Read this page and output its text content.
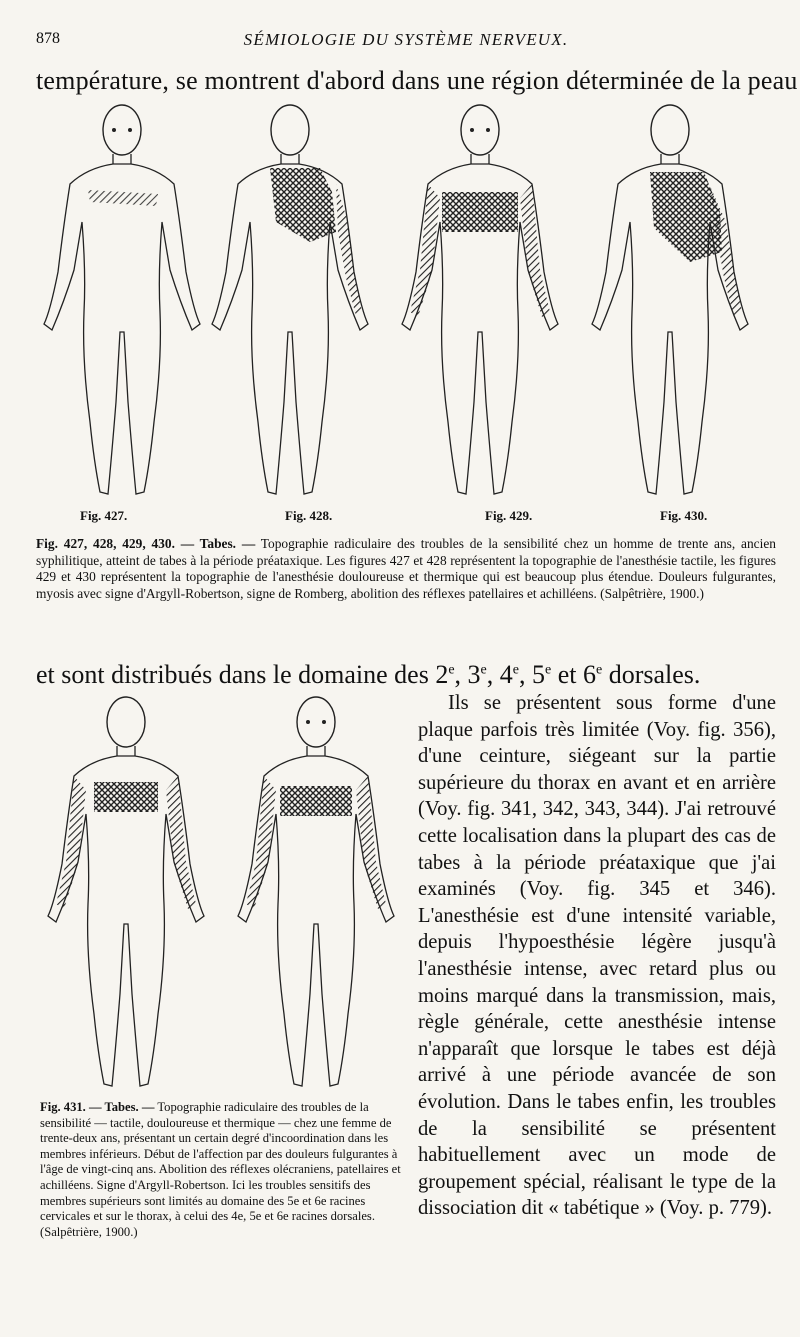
878	SÉMIOLOGIE DU SYSTÈME NERVEUX.
température, se montrent d'abord dans une région déterminée de la peau
Fig. 427.	Fig. 428.	Fig. 429.	Fig. 430.
Fig. 427, 428, 429, 430. — Tabes. — Topographie radiculaire des troubles de la sensibilité chez un homme de trente ans, ancien syphilitique, atteint de tabes à la période préataxique. Les figures 427 et 428 représentent la topographie de l'anesthésie tactile, les figures 429 et 430 représentent la topographie de l'anesthésie douloureuse et thermique qui est beaucoup plus étendue. Douleurs fulgurantes, myosis avec signe d'Argyll-Robertson, signe de Romberg, abolition des réflexes patellaires et achilléens. (Salpêtrière, 1900.)
et sont distribués dans le domaine des 2e, 3e, 4e, 5e et 6e dorsales.
Fig. 431. — Tabes. — Topographie radiculaire des troubles de la sensibilité — tactile, douloureuse et thermique — chez une femme de trente-deux ans, présentant un certain degré d'incoordination dans les membres inférieurs. Début de l'affection par des douleurs fulgurantes à l'âge de vingt-cinq ans. Abolition des réflexes olécraniens, patellaires et achilléens. Signe d'Argyll-Robertson. Ici les troubles sensitifs des membres supérieurs sont limités au domaine des 5e et 6e racines cervicales et sur le thorax, à celui des 4e, 5e et 6e racines dorsales. (Salpêtrière, 1900.)

Ils se présentent sous forme d'une plaque parfois très limitée (Voy. fig. 356), d'une ceinture, siégeant sur la partie supérieure du thorax en avant et en arrière (Voy. fig. 341, 342, 343, 344). J'ai retrouvé cette localisation dans la plupart des cas de tabes à la période préataxique que j'ai examinés (Voy. fig. 345 et 346). L'anesthésie est d'une intensité variable, depuis l'hypoesthésie légère jusqu'à l'anesthésie intense, avec retard plus ou moins marqué dans la transmission, mais, règle générale, cette anesthésie intense n'apparaît que lorsque le tabes est déjà arrivé à une période avancée de son évolution. Dans le tabes enfin, les troubles de la sensibilité se présentent habituellement avec un mode de groupement spécial, réalisant le type de la dissociation dit « tabétique » (Voy. p. 779).
